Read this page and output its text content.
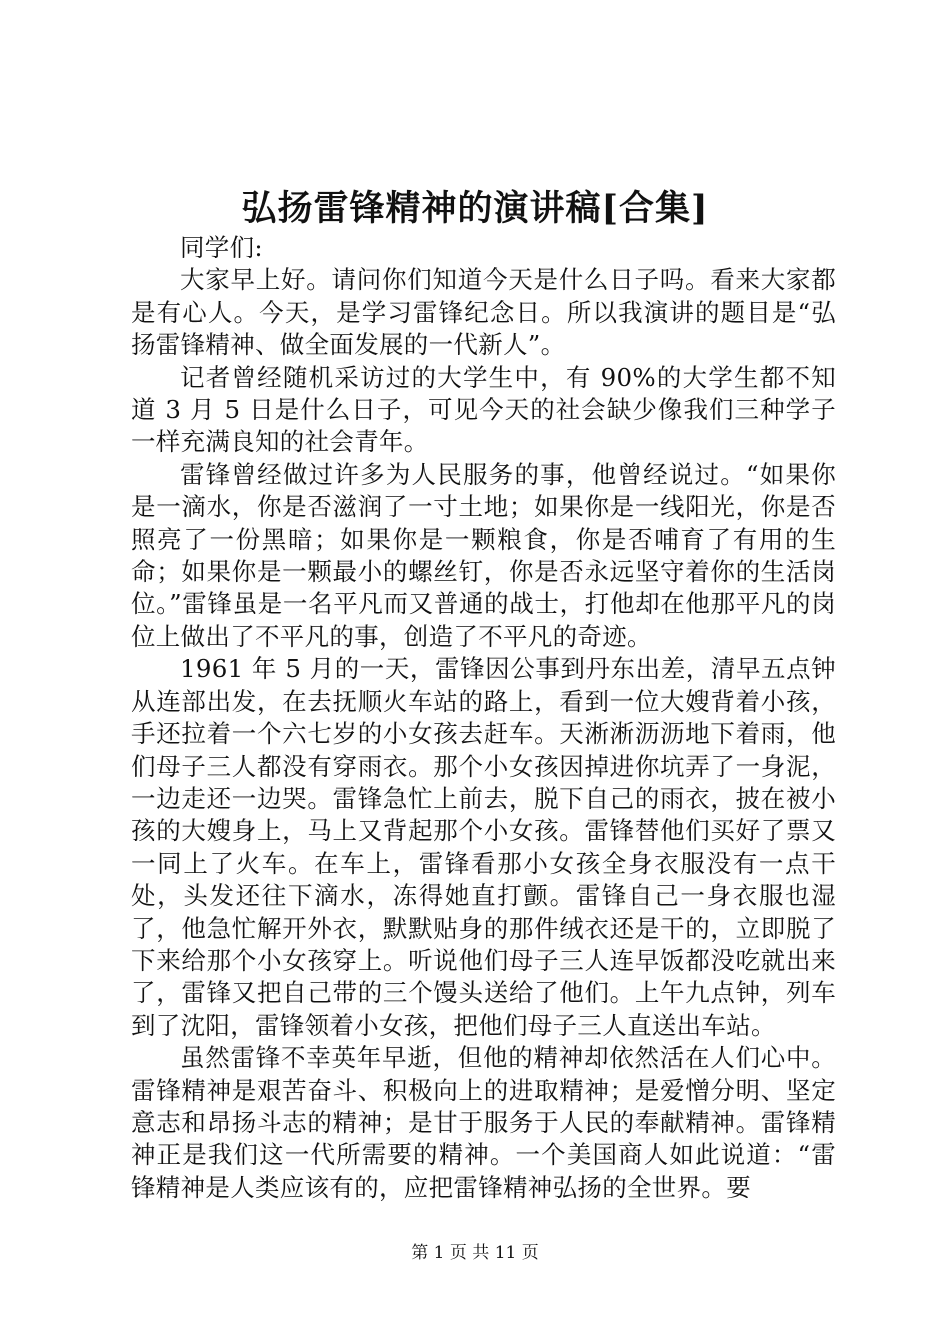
弘扬雷锋精神的演讲稿[合集]

同学们:

大家早上好。请问你们知道今天是什么日子吗。看来大家都是有心人。今天，是学习雷锋纪念日。所以我演讲的题目是“弘扬雷锋精神、做全面发展的一代新人”。

记者曾经随机采访过的大学生中，有 90%的大学生都不知道 3 月 5 日是什么日子，可见今天的社会缺少像我们三种学子一样充满良知的社会青年。

雷锋曾经做过许多为人民服务的事，他曾经说过。“如果你是一滴水，你是否滋润了一寸土地；如果你是一线阳光，你是否照亮了一份黑暗；如果你是一颗粮食，你是否哺育了有用的生命；如果你是一颗最小的螺丝钉，你是否永远坚守着你的生活岗位。”雷锋虽是一名平凡而又普通的战士，打他却在他那平凡的岗位上做出了不平凡的事，创造了不平凡的奇迹。

1961 年 5 月的一天，雷锋因公事到丹东出差，清早五点钟从连部出发，在去抚顺火车站的路上，看到一位大嫂背着小孩，手还拉着一个六七岁的小女孩去赶车。天淅淅沥沥地下着雨，他们母子三人都没有穿雨衣。那个小女孩因掉进你坑弄了一身泥，一边走还一边哭。雷锋急忙上前去，脱下自己的雨衣，披在被小孩的大嫂身上，马上又背起那个小女孩。雷锋替他们买好了票又一同上了火车。在车上，雷锋看那小女孩全身衣服没有一点干处，头发还往下滴水，冻得她直打颤。雷锋自己一身衣服也湿了，他急忙解开外衣，默默贴身的那件绒衣还是干的，立即脱了下来给那个小女孩穿上。听说他们母子三人连早饭都没吃就出来了，雷锋又把自己带的三个馒头送给了他们。上午九点钟，列车到了沈阳，雷锋领着小女孩，把他们母子三人直送出车站。

虽然雷锋不幸英年早逝，但他的精神却依然活在人们心中。雷锋精神是艰苦奋斗、积极向上的进取精神；是爱憎分明、坚定意志和昂扬斗志的精神；是甘于服务于人民的奉献精神。雷锋精神正是我们这一代所需要的精神。一个美国商人如此说道：“雷锋精神是人类应该有的，应把雷锋精神弘扬的全世界。要

第 1 页 共 11 页
